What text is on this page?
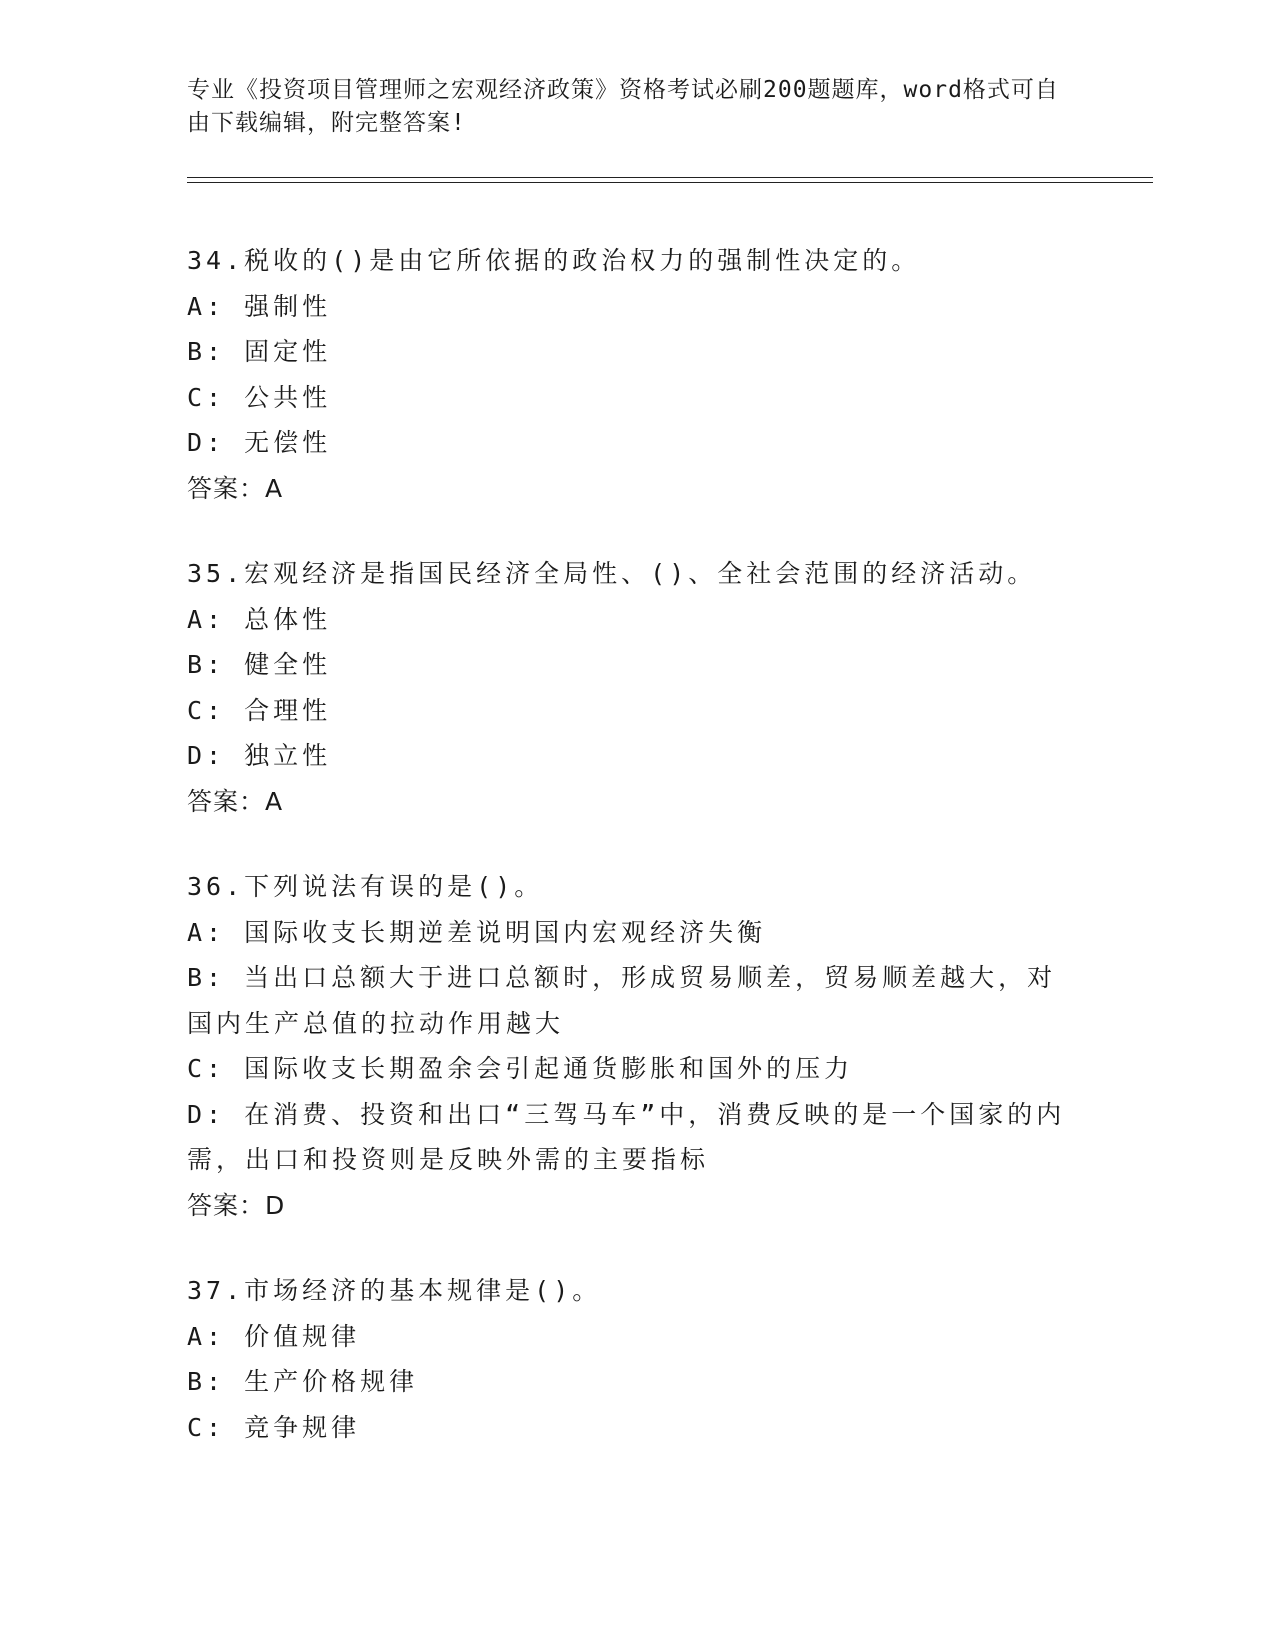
专业《投资项目管理师之宏观经济政策》资格考试必刷200题题库，word格式可自由下载编辑，附完整答案!
34.税收的()是由它所依据的政治权力的强制性决定的。
A: 强制性
B: 固定性
C: 公共性
D: 无偿性
答案：A
35.宏观经济是指国民经济全局性、()、全社会范围的经济活动。
A: 总体性
B: 健全性
C: 合理性
D: 独立性
答案：A
36.下列说法有误的是()。
A: 国际收支长期逆差说明国内宏观经济失衡
B: 当出口总额大于进口总额时，形成贸易顺差，贸易顺差越大，对国内生产总值的拉动作用越大
C: 国际收支长期盈余会引起通货膨胀和国外的压力
D: 在消费、投资和出口“三驾马车”中，消费反映的是一个国家的内需，出口和投资则是反映外需的主要指标
答案：D
37.市场经济的基本规律是()。
A: 价值规律
B: 生产价格规律
C: 竞争规律
